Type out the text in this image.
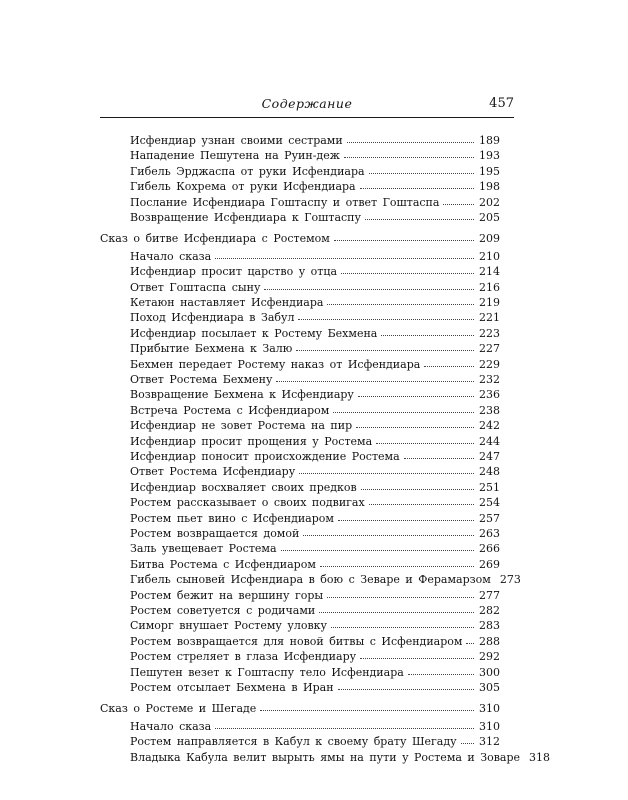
Содержание	457
Исфендиар узнан своими сестрами	189
Нападение Пешутена на Руин-деж	193
Гибель Эрджаспа от руки Исфендиара	195
Гибель Кохрема от руки Исфендиара	198
Послание Исфендиара Гоштаспу и ответ Гоштаспа	202
Возвращение Исфендиара к Гоштаспу	205
Сказ о битве Исфендиара с Ростемом	209
Начало сказа	210
Исфендиар просит царство у отца	214
Ответ Гоштаспа сыну	216
Кетаюн наставляет Исфендиара	219
Поход Исфендиара в Забул	221
Исфендиар посылает к Ростему Бехмена	223
Прибытие Бехмена к Залю	227
Бехмен передает Ростему наказ от Исфендиара	229
Ответ Ростема Бехмену	232
Возвращение Бехмена к Исфендиару	236
Встреча Ростема с Исфендиаром	238
Исфендиар не зовет Ростема на пир	242
Исфендиар просит прощения у Ростема	244
Исфендиар поносит происхождение Ростема	247
Ответ Ростема Исфендиару	248
Исфендиар восхваляет своих предков	251
Ростем рассказывает о своих подвигах	254
Ростем пьет вино с Исфендиаром	257
Ростем возвращается домой	263
Заль увещевает Ростема	266
Битва Ростема с Исфендиаром	269
Гибель сыновей Исфендиара в бою с Зеваре и Ферамарзом 273
Ростем бежит на вершину горы	277
Ростем советуется с родичами	282
Симорг внушает Ростему уловку	283
Ростем возвращается для новой битвы с Исфендиаром 288
Ростем стреляет в глаза Исфендиару	292
Пешутен везет к Гоштаспу тело Исфендиара	300
Ростем отсылает Бехмена в Иран	305
Сказ о Ростеме и Шегаде	310
Начало сказа	310
Ростем направляется в Кабул к своему брату Шегаду 312
Владыка Кабула велит вырыть ямы на пути у Ростема и Зоваре 318
